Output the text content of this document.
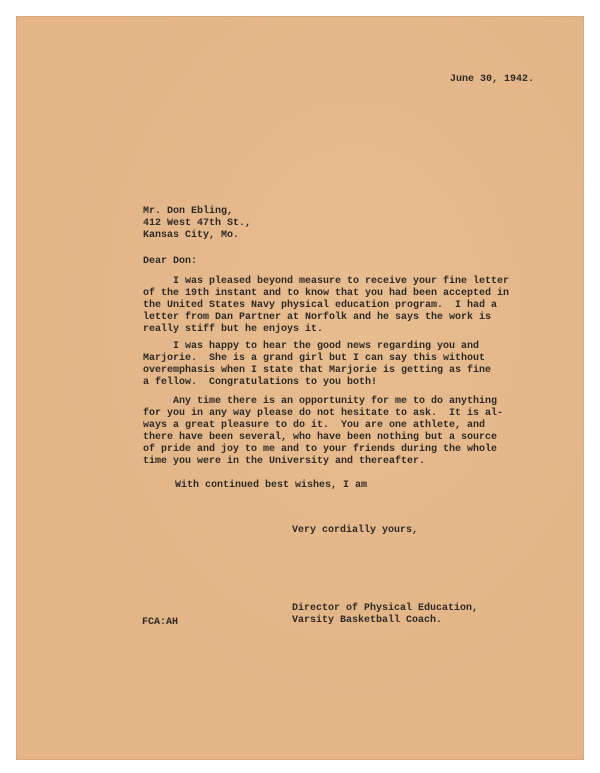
June 30, 1942.
Mr. Don Ebling,
412 West 47th St.,
Kansas City, Mo.
Dear Don:
I was pleased beyond measure to receive your fine letter
of the 19th instant and to know that you had been accepted in
the United States Navy physical education program.  I had a
letter from Dan Partner at Norfolk and he says the work is
really stiff but he enjoys it.
I was happy to hear the good news regarding you and
Marjorie.  She is a grand girl but I can say this without
overemphasis when I state that Marjorie is getting as fine
a fellow.  Congratulations to you both!
Any time there is an opportunity for me to do anything
for you in any way please do not hesitate to ask.  It is al-
ways a great pleasure to do it.  You are one athlete, and
there have been several, who have been nothing but a source
of pride and joy to me and to your friends during the whole
time you were in the University and thereafter.
With continued best wishes, I am
Very cordially yours,
FCA:AH
Director of Physical Education,
Varsity Basketball Coach.
